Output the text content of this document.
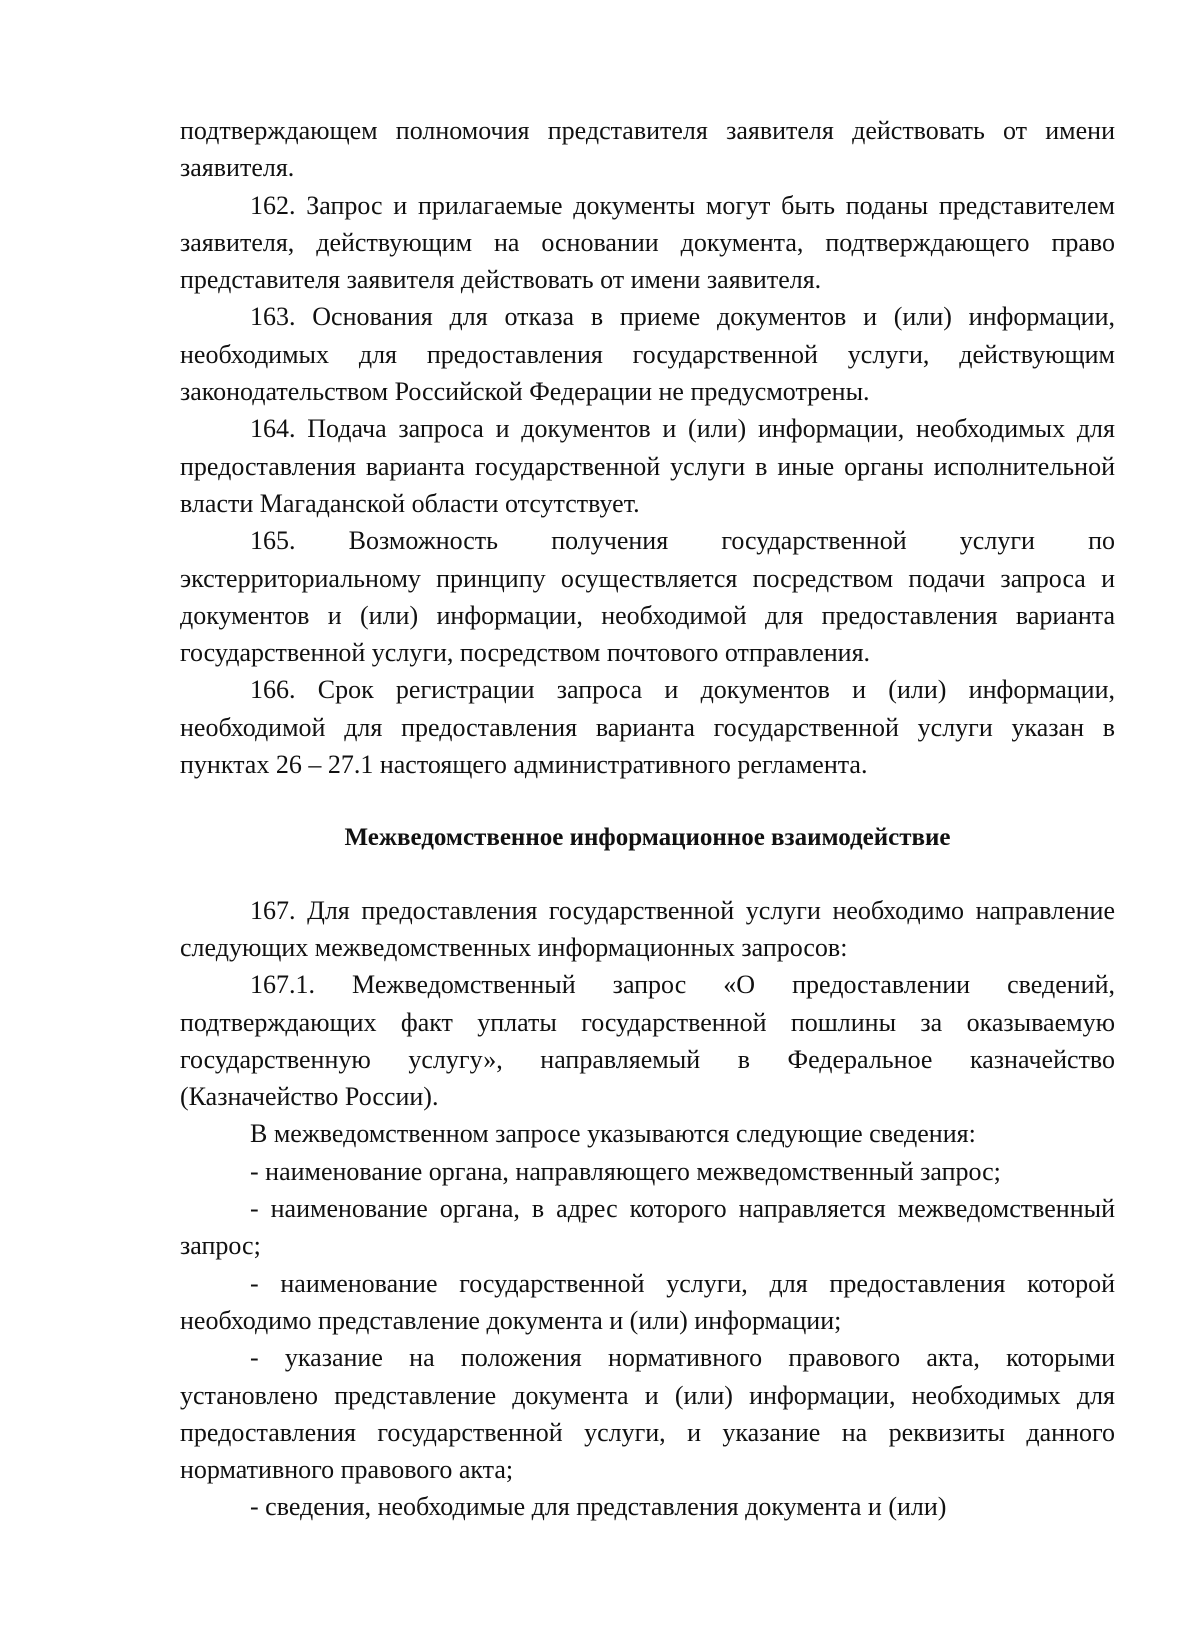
подтверждающем полномочия представителя заявителя действовать от имени заявителя.

162. Запрос и прилагаемые документы могут быть поданы представителем заявителя, действующим на основании документа, подтверждающего право представителя заявителя действовать от имени заявителя.

163. Основания для отказа в приеме документов и (или) информации, необходимых для предоставления государственной услуги, действующим законодательством Российской Федерации не предусмотрены.

164. Подача запроса и документов и (или) информации, необходимых для предоставления варианта государственной услуги в иные органы исполнительной власти Магаданской области отсутствует.

165. Возможность получения государственной услуги по экстерриториальному принципу осуществляется посредством подачи запроса и документов и (или) информации, необходимой для предоставления варианта государственной услуги, посредством почтового отправления.

166. Срок регистрации запроса и документов и (или) информации, необходимой для предоставления варианта государственной услуги указан в пунктах 26 – 27.1 настоящего административного регламента.

Межведомственное информационное взаимодействие

167. Для предоставления государственной услуги необходимо направление следующих межведомственных информационных запросов:

167.1. Межведомственный запрос «О предоставлении сведений, подтверждающих факт уплаты государственной пошлины за оказываемую государственную услугу», направляемый в Федеральное казначейство (Казначейство России).

В межведомственном запросе указываются следующие сведения:

- наименование органа, направляющего межведомственный запрос;

- наименование органа, в адрес которого направляется межведомственный запрос;

- наименование государственной услуги, для предоставления которой необходимо представление документа и (или) информации;

- указание на положения нормативного правового акта, которыми установлено представление документа и (или) информации, необходимых для предоставления государственной услуги, и указание на реквизиты данного нормативного правового акта;

- сведения, необходимые для представления документа и (или)
